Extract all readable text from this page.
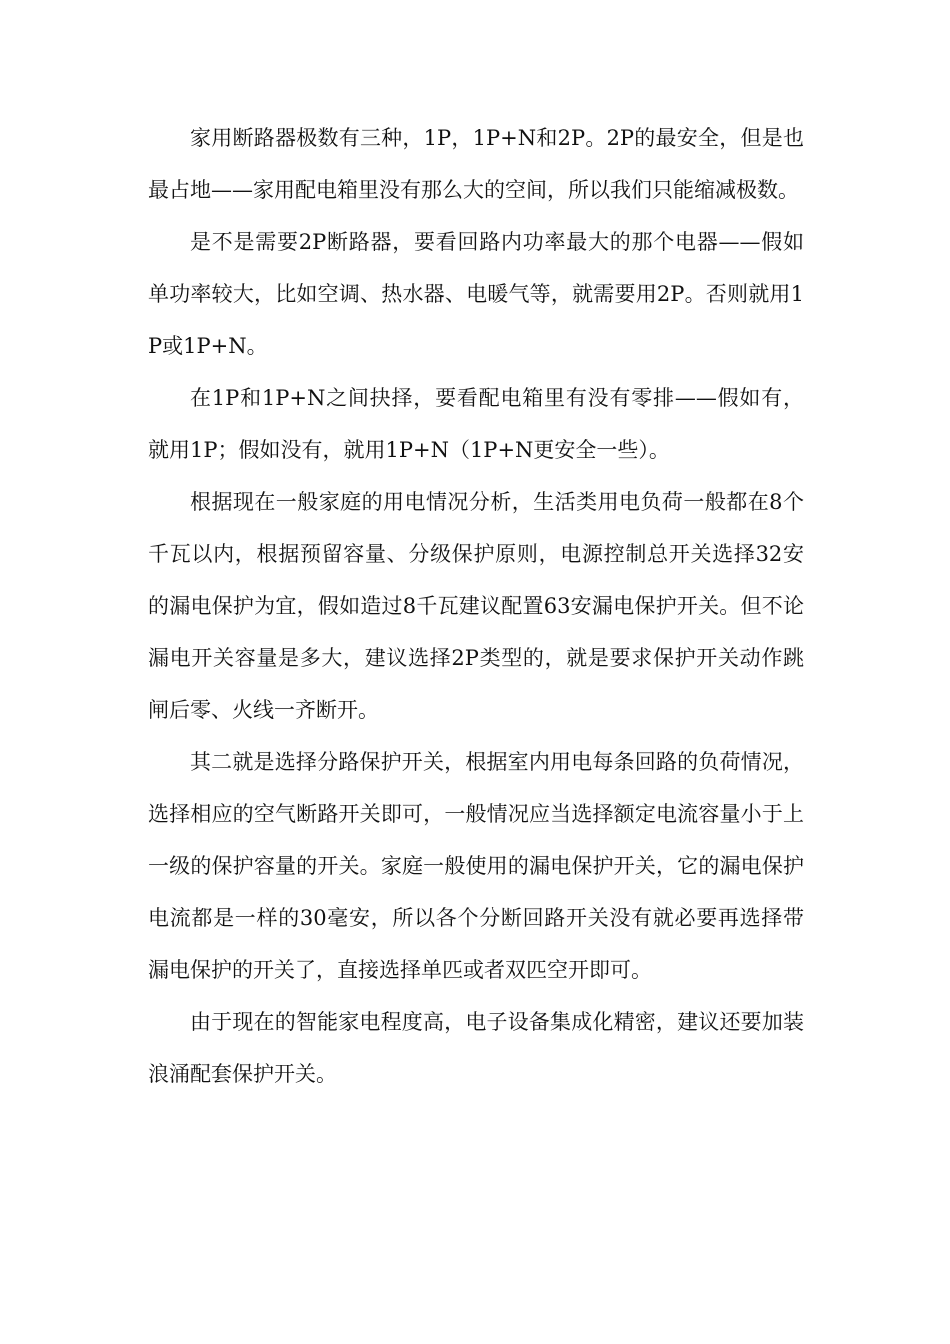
家用断路器极数有三种，1P，1P+N和2P。2P的最安全，但是也最占地——家用配电箱里没有那么大的空间，所以我们只能缩减极数。

是不是需要2P断路器，要看回路内功率最大的那个电器——假如单功率较大，比如空调、热水器、电暖气等，就需要用2P。否则就用1P或1P+N。

在1P和1P+N之间抉择，要看配电箱里有没有零排——假如有，就用1P；假如没有，就用1P+N（1P+N更安全一些）。

根据现在一般家庭的用电情况分析，生活类用电负荷一般都在8个千瓦以内，根据预留容量、分级保护原则，电源控制总开关选择32安的漏电保护为宜，假如造过8千瓦建议配置63安漏电保护开关。但不论漏电开关容量是多大，建议选择2P类型的，就是要求保护开关动作跳闸后零、火线一齐断开。

其二就是选择分路保护开关，根据室内用电每条回路的负荷情况，选择相应的空气断路开关即可，一般情况应当选择额定电流容量小于上一级的保护容量的开关。家庭一般使用的漏电保护开关，它的漏电保护电流都是一样的30毫安，所以各个分断回路开关没有就必要再选择带漏电保护的开关了，直接选择单匹或者双匹空开即可。

由于现在的智能家电程度高，电子设备集成化精密，建议还要加装浪涌配套保护开关。
